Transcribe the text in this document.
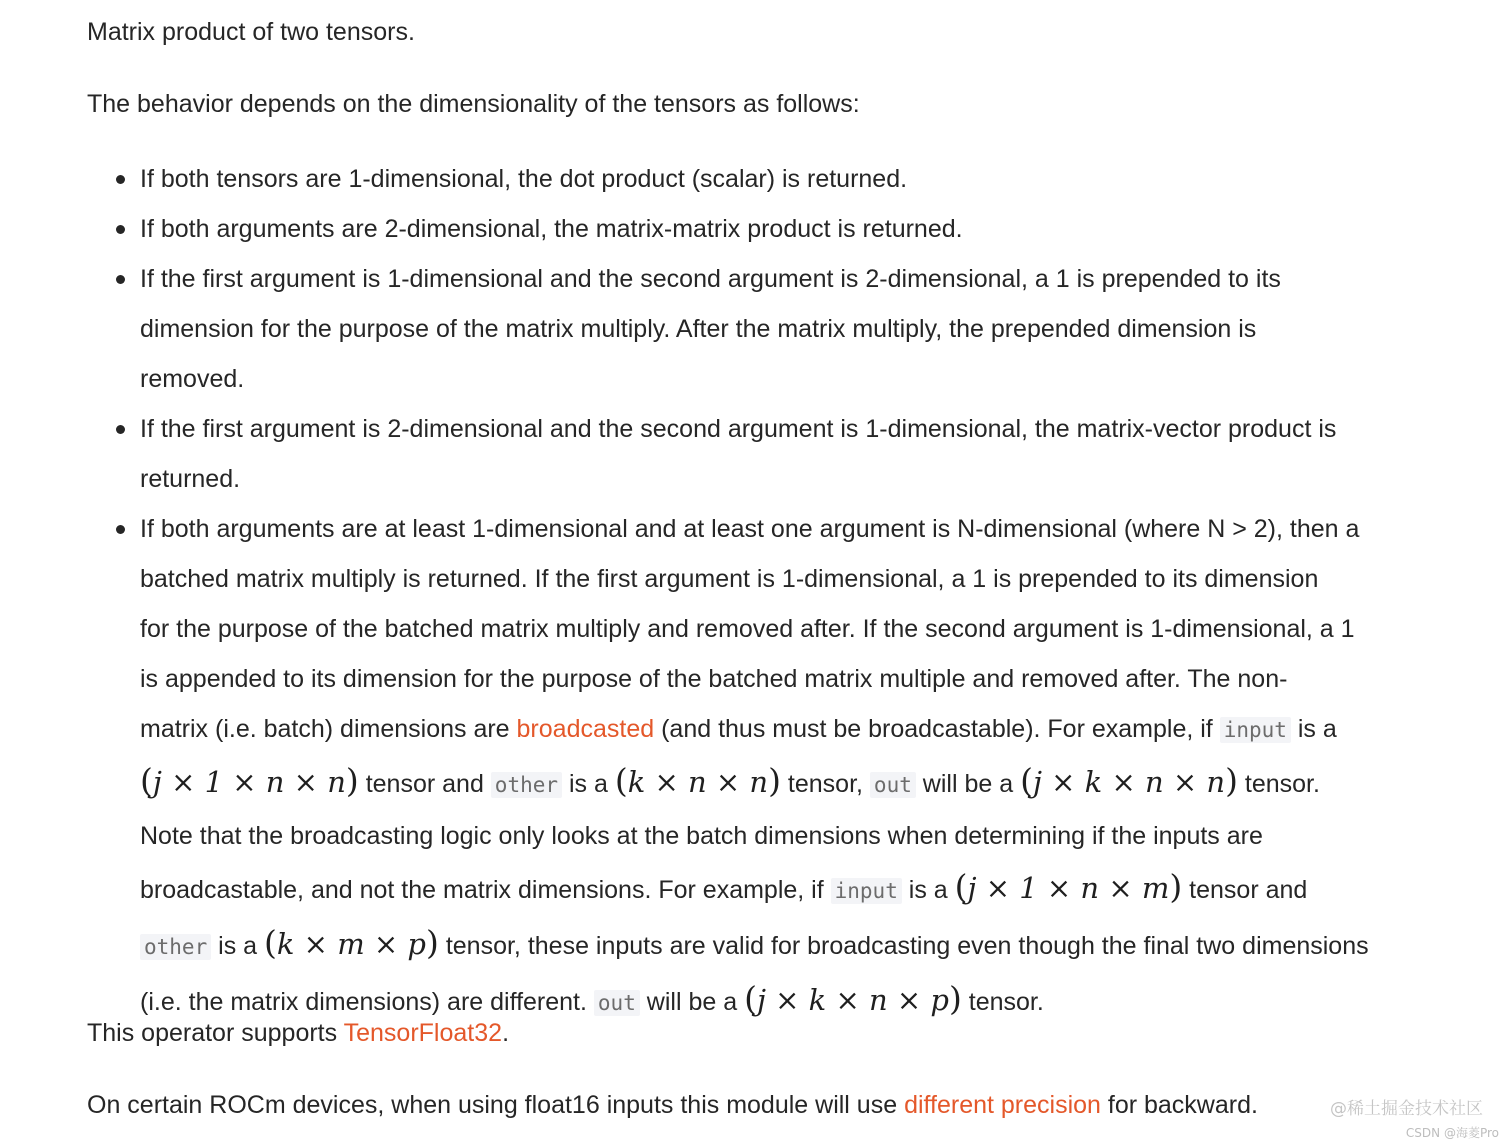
Matrix product of two tensors.

The behavior depends on the dimensionality of the tensors as follows:

If both tensors are 1-dimensional, the dot product (scalar) is returned.
If both arguments are 2-dimensional, the matrix-matrix product is returned.
If the first argument is 1-dimensional and the second argument is 2-dimensional, a 1 is prepended to its
dimension for the purpose of the matrix multiply. After the matrix multiply, the prepended dimension is
removed.
If the first argument is 2-dimensional and the second argument is 1-dimensional, the matrix-vector product is
returned.
If both arguments are at least 1-dimensional and at least one argument is N-dimensional (where N > 2), then a
batched matrix multiply is returned. If the first argument is 1-dimensional, a 1 is prepended to its dimension
for the purpose of the batched matrix multiply and removed after. If the second argument is 1-dimensional, a 1
is appended to its dimension for the purpose of the batched matrix multiple and removed after. The non-
matrix (i.e. batch) dimensions are broadcasted (and thus must be broadcastable). For example, if input is a
(j × 1 × n × n) tensor and other is a (k × n × n) tensor, out will be a (j × k × n × n) tensor.
Note that the broadcasting logic only looks at the batch dimensions when determining if the inputs are
broadcastable, and not the matrix dimensions. For example, if input is a (j × 1 × n × m) tensor and
other is a (k × m × p) tensor, these inputs are valid for broadcasting even though the final two dimensions
(i.e. the matrix dimensions) are different. out will be a (j × k × n × p) tensor.

This operator supports TensorFloat32.

On certain ROCm devices, when using float16 inputs this module will use different precision for backward.	@稀土掘金技术社区
CSDN @海菱Pro
